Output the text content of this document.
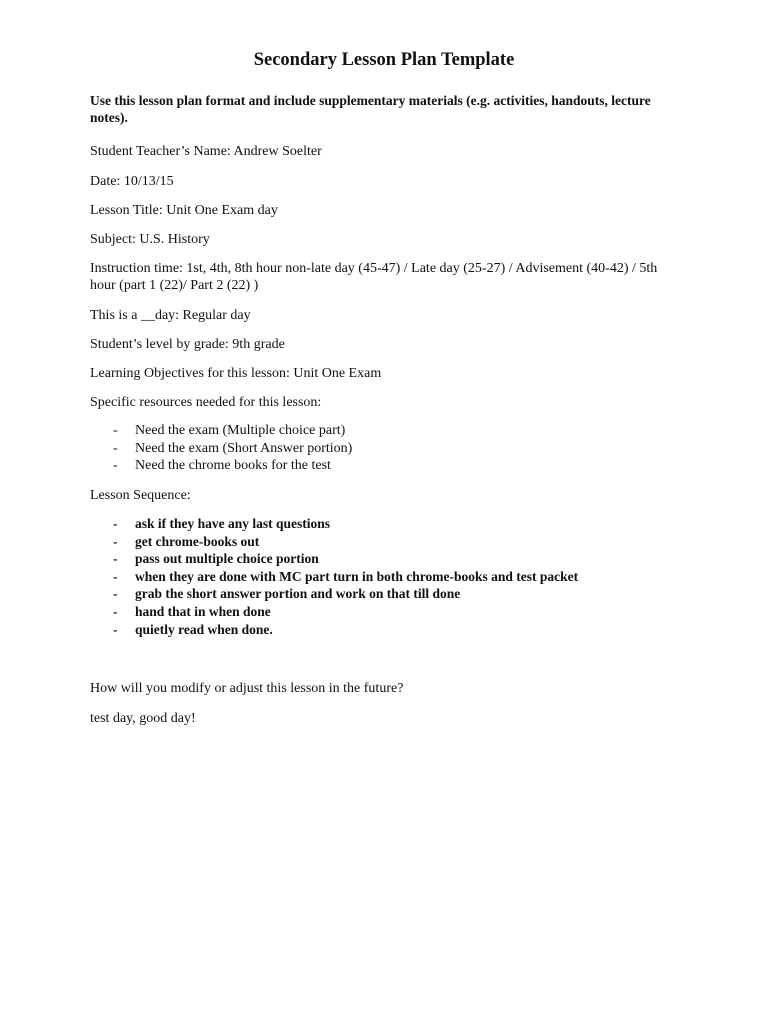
Secondary Lesson Plan Template
Use this lesson plan format and include supplementary materials (e.g. activities, handouts, lecture notes).
Student Teacher’s Name: Andrew Soelter
Date: 10/13/15
Lesson Title: Unit One Exam day
Subject: U.S. History
Instruction time: 1st, 4th, 8th hour non-late day (45-47) / Late day (25-27) / Advisement (40-42) / 5th hour (part 1 (22)/ Part 2 (22) )
This is a __day: Regular day
Student’s level by grade: 9th grade
Learning Objectives for this lesson: Unit One Exam
Specific resources needed for this lesson:
- Need the exam (Multiple choice part)
- Need the exam (Short Answer portion)
- Need the chrome books for the test
Lesson Sequence:
- ask if they have any last questions
- get chrome-books out
- pass out multiple choice portion
- when they are done with MC part turn in both chrome-books and test packet
- grab the short answer portion and work on that till done
- hand that in when done
- quietly read when done.
How will you modify or adjust this lesson in the future?
test day, good day!
